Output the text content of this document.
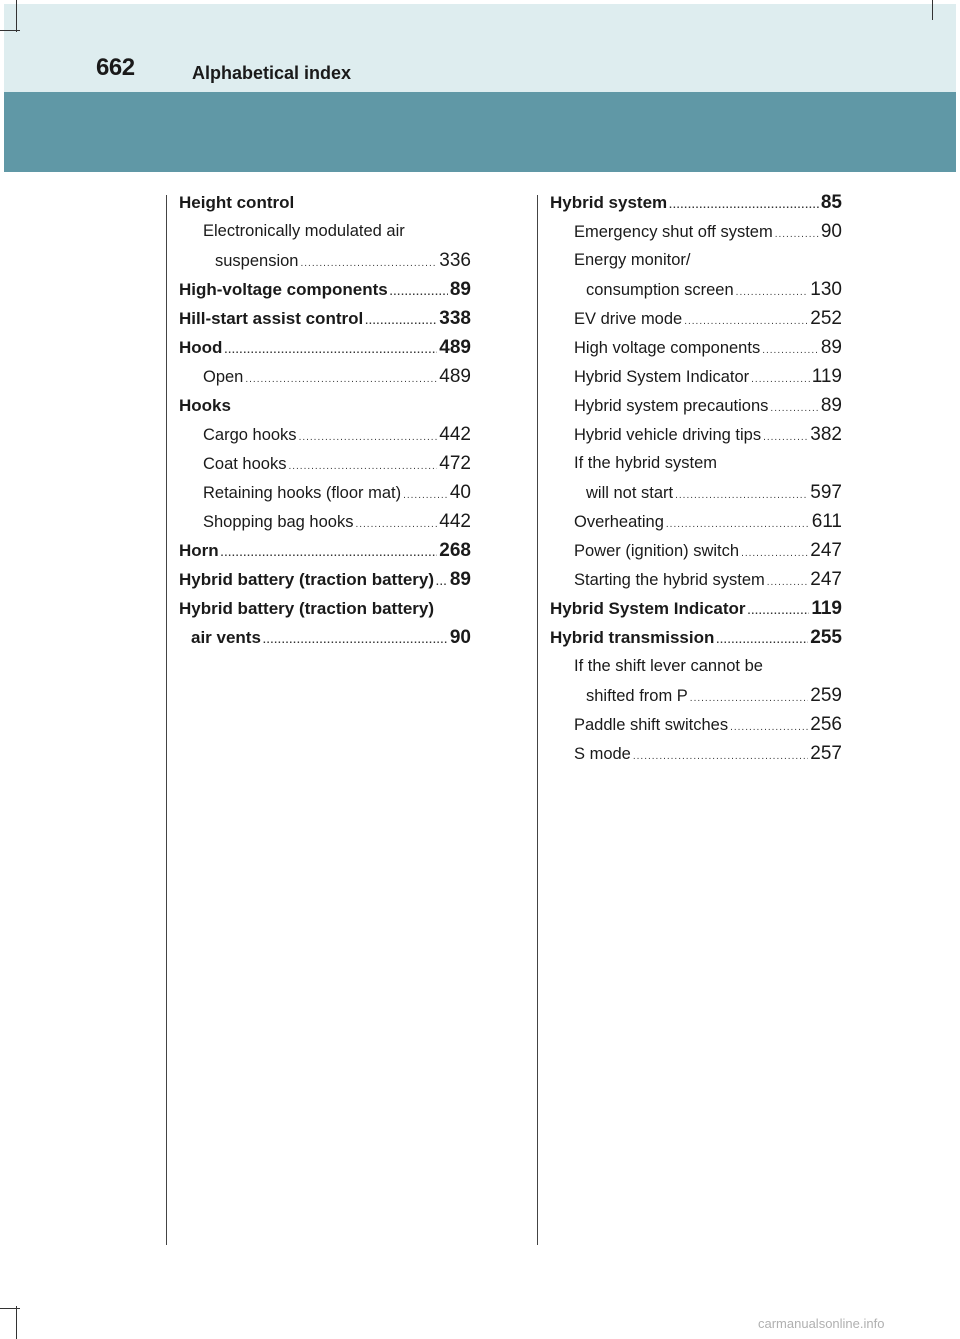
662	Alphabetical index
Height control
Electronically modulated air
suspension .....	336
High-voltage components .....	89
Hill-start assist control .....	338
Hood .....	489
Open .....	489
Hooks
Cargo hooks .....	442
Coat hooks .....	472
Retaining hooks (floor mat) .....	40
Shopping bag hooks .....	442
Horn .....	268
Hybrid battery (traction battery) ..... 89
Hybrid battery (traction battery)
air vents .....	90
Hybrid system .....	85
Emergency shut off system .....	90
Energy monitor/
consumption screen .....	130
EV drive mode .....	252
High voltage components .....	89
Hybrid System Indicator .....	119
Hybrid system precautions .....	89
Hybrid vehicle driving tips .....	382
If the hybrid system
will not start .....	597
Overheating .....	611
Power (ignition) switch .....	247
Starting the hybrid system ..... 247
Hybrid System Indicator .....	119
Hybrid transmission .....	255
If the shift lever cannot be
shifted from P .....	259
Paddle shift switches .....	256
S mode .....	257
carmanualsonline.info
